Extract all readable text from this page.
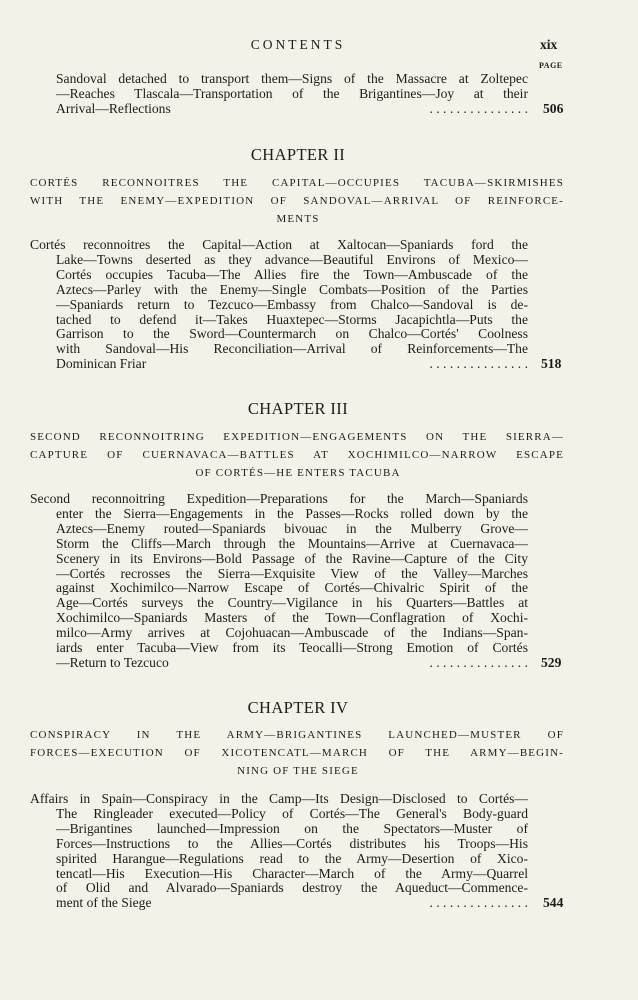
CONTENTS	xix
PAGE
Sandoval detached to transport them—Signs of the Massacre at Zoltepec
—Reaches Tlascala—Transportation of the Brigantines—Joy at their
Arrival—Reflections	. . . . . . . . . . . . . . . 506
CHAPTER II
CORTÉS RECONNOITRES THE CAPITAL—OCCUPIES TACUBA—SKIRMISHES
WITH THE ENEMY—EXPEDITION OF SANDOVAL—ARRIVAL OF REINFORCE-
MENTS
Cortés reconnoitres the Capital—Action at Xaltocan—Spaniards ford the
Lake—Towns deserted as they advance—Beautiful Environs of Mexico—
Cortés occupies Tacuba—The Allies fire the Town—Ambuscade of the
Aztecs—Parley with the Enemy—Single Combats—Position of the Parties
—Spaniards return to Tezcuco—Embassy from Chalco—Sandoval is de-
tached to defend it—Takes Huaxtepec—Storms Jacapichtla—Puts the
Garrison to the Sword—Countermarch on Chalco—Cortés' Coolness
with Sandoval—His Reconciliation—Arrival of Reinforcements—The
Dominican Friar	. . . . . . . . . . . . . . . 518
CHAPTER III
SECOND RECONNOITRING EXPEDITION—ENGAGEMENTS ON THE SIERRA—
CAPTURE OF CUERNAVACA—BATTLES AT XOCHIMILCO—NARROW ESCAPE
OF CORTÉS—HE ENTERS TACUBA
Second reconnoitring Expedition—Preparations for the March—Spaniards
enter the Sierra—Engagements in the Passes—Rocks rolled down by the
Aztecs—Enemy routed—Spaniards bivouac in the Mulberry Grove—
Storm the Cliffs—March through the Mountains—Arrive at Cuernavaca—
Scenery in its Environs—Bold Passage of the Ravine—Capture of the City
—Cortés recrosses the Sierra—Exquisite View of the Valley—Marches
against Xochimilco—Narrow Escape of Cortés—Chivalric Spirit of the
Age—Cortés surveys the Country—Vigilance in his Quarters—Battles at
Xochimilco—Spaniards Masters of the Town—Conflagration of Xochi-
milco—Army arrives at Cojohuacan—Ambuscade of the Indians—Span-
iards enter Tacuba—View from its Teocalli—Strong Emotion of Cortés
—Return to Tezcuco	. . . . . . . . . . . . . . . 529
CHAPTER IV
CONSPIRACY IN THE ARMY—BRIGANTINES LAUNCHED—MUSTER OF
FORCES—EXECUTION OF XICOTENCATL—MARCH OF THE ARMY—BEGIN-
NING OF THE SIEGE
Affairs in Spain—Conspiracy in the Camp—Its Design—Disclosed to Cortés—
The Ringleader executed—Policy of Cortés—The General's Body-guard
—Brigantines launched—Impression on the Spectators—Muster of
Forces—Instructions to the Allies—Cortés distributes his Troops—His
spirited Harangue—Regulations read to the Army—Desertion of Xico-
tencatl—His Execution—His Character—March of the Army—Quarrel
of Olid and Alvarado—Spaniards destroy the Aqueduct—Commence-
ment of the Siege	. . . . . . . . . . . . . . . 544
